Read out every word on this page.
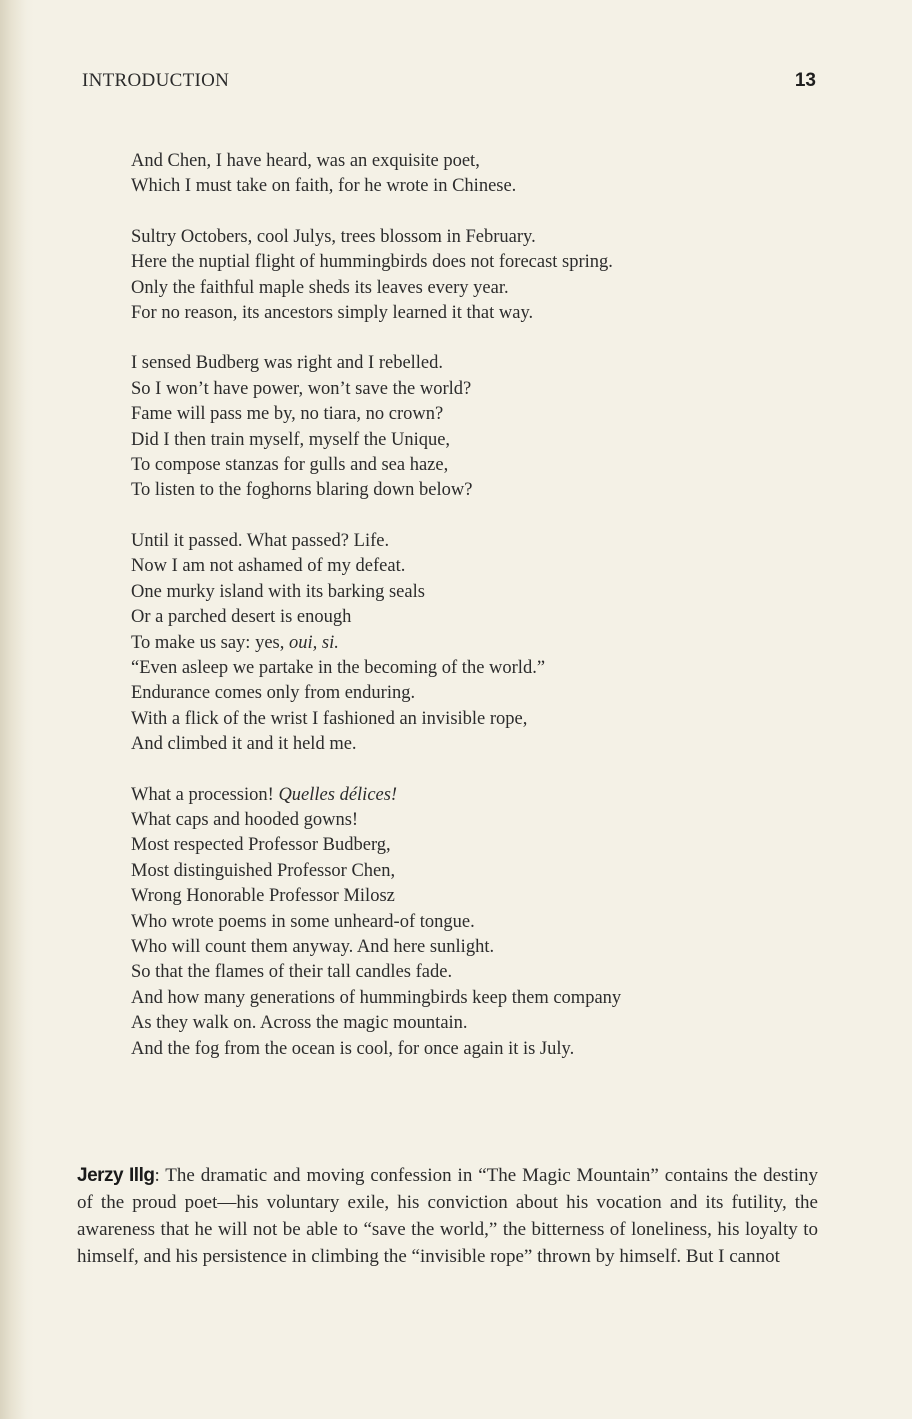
INTRODUCTION	13
And Chen, I have heard, was an exquisite poet,
Which I must take on faith, for he wrote in Chinese.
Sultry Octobers, cool Julys, trees blossom in February.
Here the nuptial flight of hummingbirds does not forecast spring.
Only the faithful maple sheds its leaves every year.
For no reason, its ancestors simply learned it that way.
I sensed Budberg was right and I rebelled.
So I won’t have power, won’t save the world?
Fame will pass me by, no tiara, no crown?
Did I then train myself, myself the Unique,
To compose stanzas for gulls and sea haze,
To listen to the foghorns blaring down below?
Until it passed. What passed? Life.
Now I am not ashamed of my defeat.
One murky island with its barking seals
Or a parched desert is enough
To make us say: yes, oui, si.
“Even asleep we partake in the becoming of the world.”
Endurance comes only from enduring.
With a flick of the wrist I fashioned an invisible rope,
And climbed it and it held me.
What a procession! Quelles délices!
What caps and hooded gowns!
Most respected Professor Budberg,
Most distinguished Professor Chen,
Wrong Honorable Professor Milosz
Who wrote poems in some unheard-of tongue.
Who will count them anyway. And here sunlight.
So that the flames of their tall candles fade.
And how many generations of hummingbirds keep them company
As they walk on. Across the magic mountain.
And the fog from the ocean is cool, for once again it is July.
Jerzy Illg: The dramatic and moving confession in “The Magic Mountain” contains the destiny of the proud poet—his voluntary exile, his conviction about his vocation and its futility, the awareness that he will not be able to “save the world,” the bitterness of loneliness, his loyalty to himself, and his persistence in climbing the “invisible rope” thrown by himself. But I cannot
